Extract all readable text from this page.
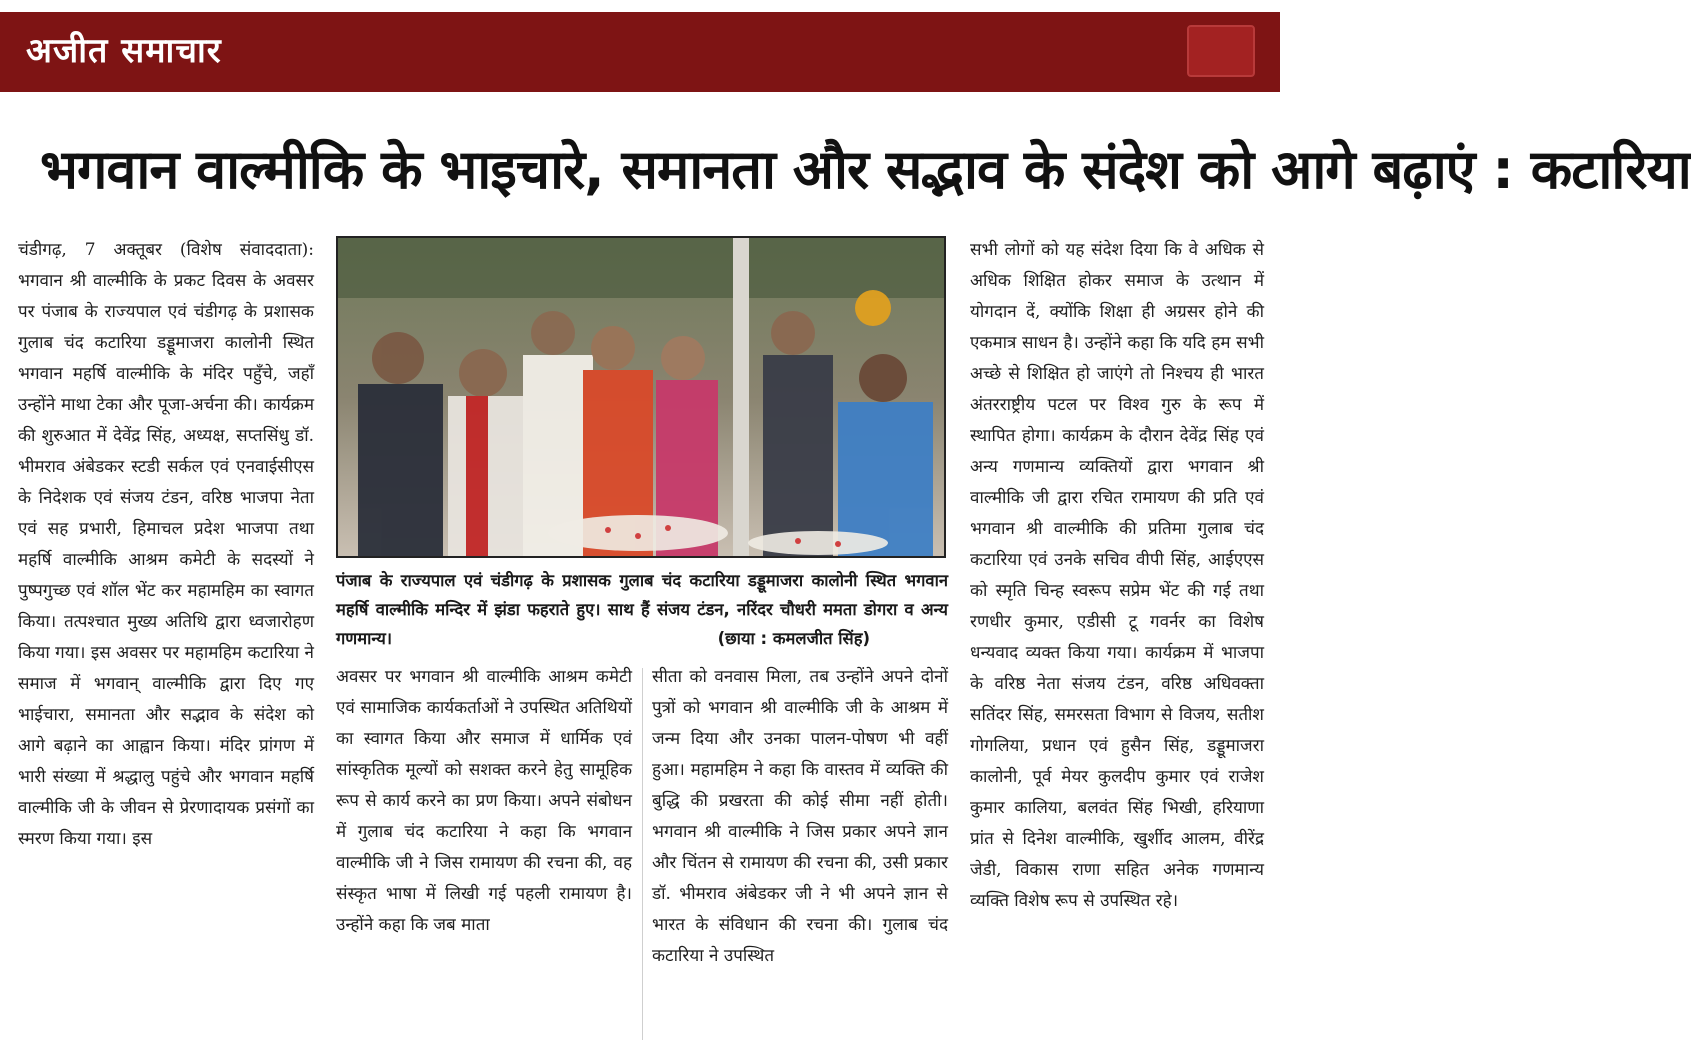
अजीत समाचार
भगवान वाल्मीकि के भाइचारे, समानता और सद्भाव के संदेश को आगे बढ़ाएं : कटारिया
चंडीगढ़, 7 अक्तूबर (विशेष संवाददाता): भगवान श्री वाल्मीकि के प्रकट दिवस के अवसर पर पंजाब के राज्यपाल एवं चंडीगढ़ के प्रशासक गुलाब चंद कटारिया डड्डूमाजरा कालोनी स्थित भगवान महर्षि वाल्मीकि के मंदिर पहुँचे, जहाँ उन्होंने माथा टेका और पूजा-अर्चना की। कार्यक्रम की शुरुआत में देवेंद्र सिंह, अध्यक्ष, सप्तसिंधु डॉ. भीमराव अंबेडकर स्टडी सर्कल एवं एनवाईसीएस के निदेशक एवं संजय टंडन, वरिष्ठ भाजपा नेता एवं सह प्रभारी, हिमाचल प्रदेश भाजपा तथा महर्षि वाल्मीकि आश्रम कमेटी के सदस्यों ने पुष्पगुच्छ एवं शॉल भेंट कर महामहिम का स्वागत किया। तत्पश्चात मुख्य अतिथि द्वारा ध्वजारोहण किया गया। इस अवसर पर महामहिम कटारिया ने समाज में भगवान् वाल्मीकि द्वारा दिए गए भाईचारा, समानता और सद्भाव के संदेश को आगे बढ़ाने का आह्वान किया। मंदिर प्रांगण में भारी संख्या में श्रद्धालु पहुंचे और भगवान महर्षि वाल्मीकि जी के जीवन से प्रेरणादायक प्रसंगों का स्मरण किया गया। इस
पंजाब के राज्यपाल एवं चंडीगढ़ के प्रशासक गुलाब चंद कटारिया डड्डूमाजरा कालोनी स्थित भगवान महर्षि वाल्मीकि मन्दिर में झंडा फहराते हुए। साथ हैं संजय टंडन, नरिंदर चौधरी ममता डोगरा व अन्य गणमान्य।	(छाया : कमलजीत सिंह)
अवसर पर भगवान श्री वाल्मीकि आश्रम कमेटी एवं सामाजिक कार्यकर्ताओं ने उपस्थित अतिथियों का स्वागत किया और समाज में धार्मिक एवं सांस्कृतिक मूल्यों को सशक्त करने हेतु सामूहिक रूप से कार्य करने का प्रण किया। अपने संबोधन में गुलाब चंद कटारिया ने कहा कि भगवान वाल्मीकि जी ने जिस रामायण की रचना की, वह संस्कृत भाषा में लिखी गई पहली रामायण है। उन्होंने कहा कि जब माता
सीता को वनवास मिला, तब उन्होंने अपने दोनों पुत्रों को भगवान श्री वाल्मीकि जी के आश्रम में जन्म दिया और उनका पालन-पोषण भी वहीं हुआ। महामहिम ने कहा कि वास्तव में व्यक्ति की बुद्धि की प्रखरता की कोई सीमा नहीं होती। भगवान श्री वाल्मीकि ने जिस प्रकार अपने ज्ञान और चिंतन से रामायण की रचना की, उसी प्रकार डॉ. भीमराव अंबेडकर जी ने भी अपने ज्ञान से भारत के संविधान की रचना की। गुलाब चंद कटारिया ने उपस्थित
सभी लोगों को यह संदेश दिया कि वे अधिक से अधिक शिक्षित होकर समाज के उत्थान में योगदान दें, क्योंकि शिक्षा ही अग्रसर होने की एकमात्र साधन है। उन्होंने कहा कि यदि हम सभी अच्छे से शिक्षित हो जाएंगे तो निश्चय ही भारत अंतरराष्ट्रीय पटल पर विश्व गुरु के रूप में स्थापित होगा। कार्यक्रम के दौरान देवेंद्र सिंह एवं अन्य गणमान्य व्यक्तियों द्वारा भगवान श्री वाल्मीकि जी द्वारा रचित रामायण की प्रति एवं भगवान श्री वाल्मीकि की प्रतिमा गुलाब चंद कटारिया एवं उनके सचिव वीपी सिंह, आईएएस को स्मृति चिन्ह स्वरूप सप्रेम भेंट की गई तथा रणधीर कुमार, एडीसी टू गवर्नर का विशेष धन्यवाद व्यक्त किया गया। कार्यक्रम में भाजपा के वरिष्ठ नेता संजय टंडन, वरिष्ठ अधिवक्ता सतिंदर सिंह, समरसता विभाग से विजय, सतीश गोगलिया, प्रधान एवं हुसैन सिंह, डड्डूमाजरा कालोनी, पूर्व मेयर कुलदीप कुमार एवं राजेश कुमार कालिया, बलवंत सिंह भिखी, हरियाणा प्रांत से दिनेश वाल्मीकि, खुर्शीद आलम, वीरेंद्र जेडी, विकास राणा सहित अनेक गणमान्य व्यक्ति विशेष रूप से उपस्थित रहे।
